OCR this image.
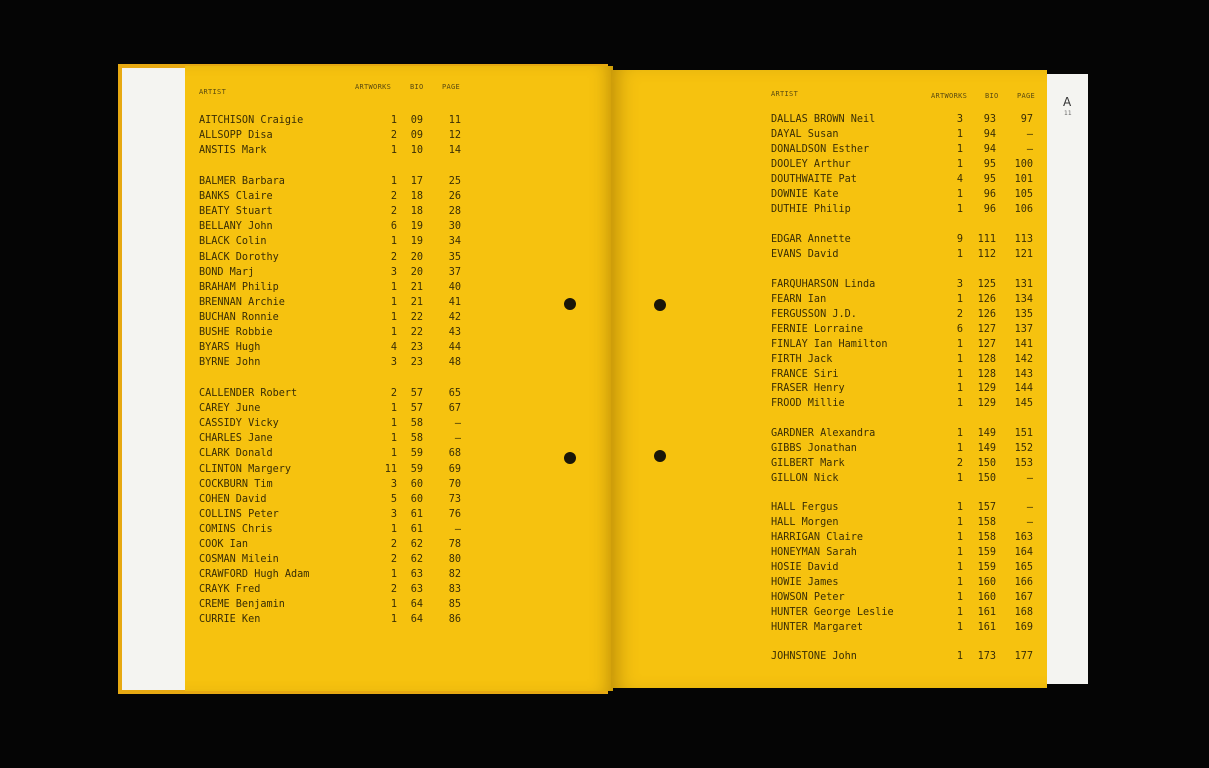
A
11
ARTIST
ARTWORKS	BIO	PAGE
AITCHISON Craigie	1 09	11
ALLSOPP Disa	2 09	12
ANSTIS Mark	1 10	14
BALMER Barbara	1 17	25
BANKS Claire	2 18	26
BEATY Stuart	2 18	28
BELLANY John	6 19	30
BLACK Colin	1 19	34
BLACK Dorothy	2 20	35
BOND Marj	3 20	37
BRAHAM Philip	1 21	40
BRENNAN Archie	1 21	41
BUCHAN Ronnie	1 22	42
BUSHE Robbie	1 22	43
BYARS Hugh	4 23	44
BYRNE John	3 23	48
CALLENDER Robert	2 57	65
CAREY June	1 57	67
CASSIDY Vicky	1 58	–
CHARLES Jane	1 58	–
CLARK Donald	1 59	68
CLINTON Margery	11 59	69
COCKBURN Tim	3 60	70
COHEN David	5 60	73
COLLINS Peter	3 61	76
COMINS Chris	1 61	–
COOK Ian	2 62	78
COSMAN Milein	2 62	80
CRAWFORD Hugh Adam	1 63	82
CRAYK Fred	2 63	83
CREME Benjamin	1 64	85
CURRIE Ken	1 64	86
ARTIST	ARTWORKS	BIO	PAGE
DALLAS BROWN Neil	3 93 97
DAYAL Susan	1 94	–
DONALDSON Esther	1 94	–
DOOLEY Arthur	1 95 100
DOUTHWAITE Pat	4 95 101
DOWNIE Kate	1 96 105
DUTHIE Philip	1 96 106
EDGAR Annette	9 111 113
EVANS David	1 112 121
FARQUHARSON Linda	3 125 131
FEARN Ian	1 126 134
FERGUSSON J.D.	2 126 135
FERNIE Lorraine	6 127 137
FINLAY Ian Hamilton	1 127 141
FIRTH Jack	1 128 142
FRANCE Siri	1 128 143
FRASER Henry	1 129 144
FROOD Millie	1 129 145
GARDNER Alexandra	1 149 151
GIBBS Jonathan	1 149 152
GILBERT Mark	2 150 153
GILLON Nick	1 150	–
HALL Fergus	1 157	–
HALL Morgen	1 158	–
HARRIGAN Claire	1 158 163
HONEYMAN Sarah	1 159 164
HOSIE David	1 159 165
HOWIE James	1 160 166
HOWSON Peter	1 160 167
HUNTER George Leslie	1 161 168
HUNTER Margaret	1 161 169
JOHNSTONE John	1 173 177
